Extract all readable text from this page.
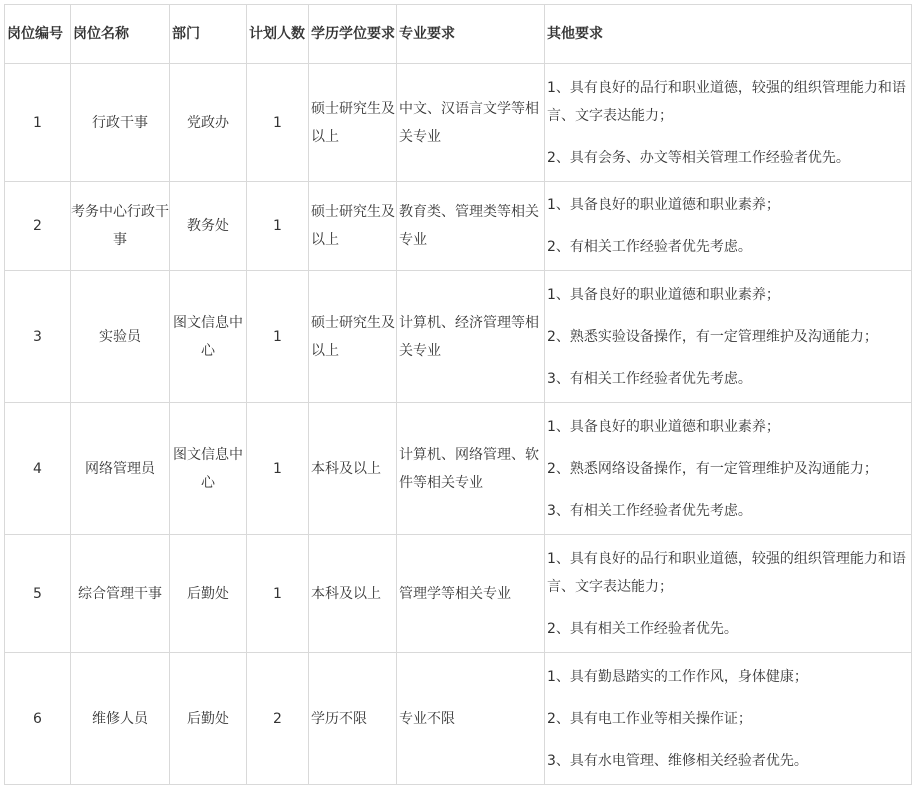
岗位编号	岗位名称	部门	计划人数	学历学位要求	专业要求	其他要求
1	行政干事	党政办	1	硕士研究生及以上	中文、汉语言文学等相关专业	1、具有良好的品行和职业道德，较强的组织管理能力和语言、文字表达能力；

2、具有会务、办文等相关管理工作经验者优先。

2	考务中心行政干事	教务处	1	硕士研究生及以上	教育类、管理类等相关专业	1、具备良好的职业道德和职业素养；

2、有相关工作经验者优先考虑。

3	实验员	图文信息中心	1	硕士研究生及以上	计算机、经济管理等相关专业	1、具备良好的职业道德和职业素养；

2、熟悉实验设备操作，有一定管理维护及沟通能力；

3、有相关工作经验者优先考虑。

4	网络管理员	图文信息中心	1	本科及以上	计算机、网络管理、软件等相关专业	1、具备良好的职业道德和职业素养；

2、熟悉网络设备操作，有一定管理维护及沟通能力；

3、有相关工作经验者优先考虑。

5	综合管理干事	后勤处	1	本科及以上	管理学等相关专业	1、具有良好的品行和职业道德，较强的组织管理能力和语言、文字表达能力；

2、具有相关工作经验者优先。

6	维修人员	后勤处	2	学历不限	专业不限	1、具有勤恳踏实的工作作风，身体健康；

2、具有电工作业等相关操作证；

3、具有水电管理、维修相关经验者优先。
